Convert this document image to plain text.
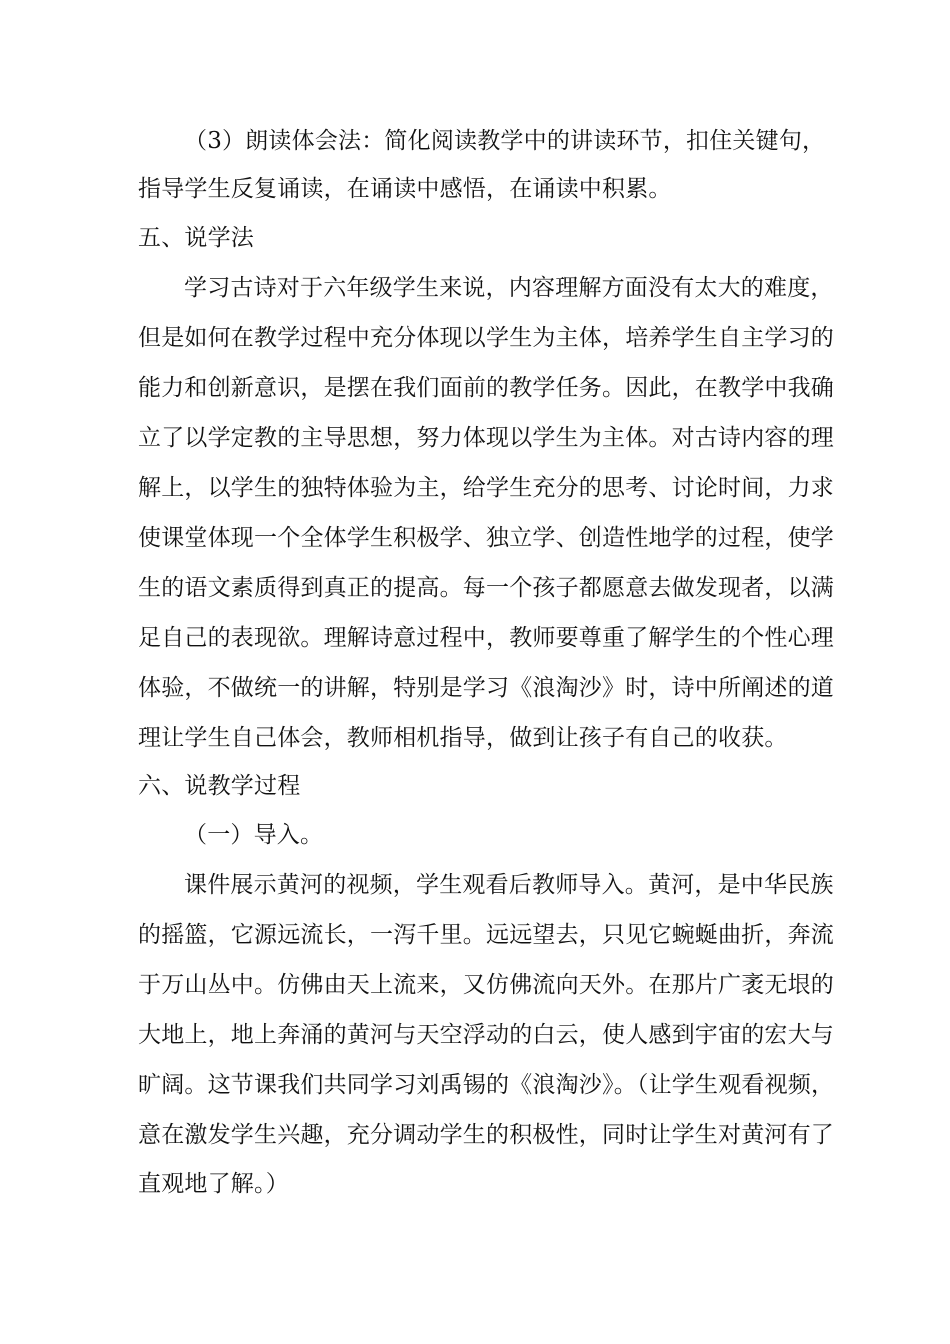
（3）朗读体会法：简化阅读教学中的讲读环节，扣住关键句，
指导学生反复诵读，在诵读中感悟，在诵读中积累。
五、说学法
学习古诗对于六年级学生来说，内容理解方面没有太大的难度，
但是如何在教学过程中充分体现以学生为主体，培养学生自主学习的
能力和创新意识，是摆在我们面前的教学任务。因此，在教学中我确
立了以学定教的主导思想，努力体现以学生为主体。对古诗内容的理
解上，以学生的独特体验为主，给学生充分的思考、讨论时间，力求
使课堂体现一个全体学生积极学、独立学、创造性地学的过程，使学
生的语文素质得到真正的提高。每一个孩子都愿意去做发现者，以满
足自己的表现欲。理解诗意过程中，教师要尊重了解学生的个性心理
体验，不做统一的讲解，特别是学习《浪淘沙》时，诗中所阐述的道
理让学生自己体会，教师相机指导，做到让孩子有自己的收获。
六、说教学过程
（一）导入。
课件展示黄河的视频，学生观看后教师导入。黄河，是中华民族
的摇篮，它源远流长，一泻千里。远远望去，只见它蜿蜒曲折，奔流
于万山丛中。仿佛由天上流来，又仿佛流向天外。在那片广袤无垠的
大地上，地上奔涌的黄河与天空浮动的白云，使人感到宇宙的宏大与
旷阔。这节课我们共同学习刘禹锡的《浪淘沙》。（让学生观看视频，
意在激发学生兴趣，充分调动学生的积极性，同时让学生对黄河有了
直观地了解。）
